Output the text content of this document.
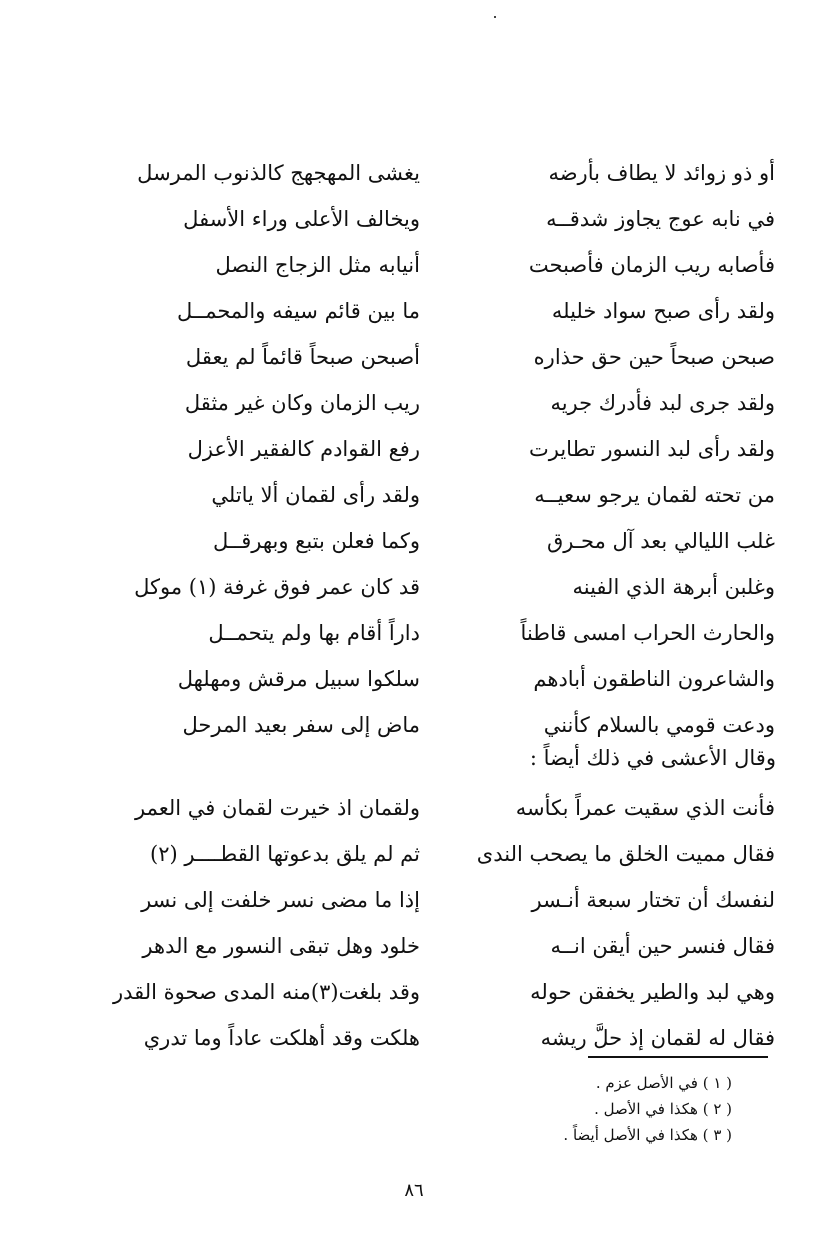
أو ذو زوائد لا يطاف بأرضه
يغشى المهجهج كالذنوب المرسل
في نابه عوج يجاوز شدقــه
ويخالف الأعلى وراء الأسفل
فأصابه ريب الزمان فأصبحت
أنيابه مثل الزجاج النصل
ولقد رأى صبح سواد خليله
ما بين قائم سيفه والمحمــل
صبحن صبحاً حين حق حذاره
أصبحن صبحاً قائماً لم يعقل
ولقد جرى لبد فأدرك جريه
ريب الزمان وكان غير مثقل
ولقد رأى لبد النسور تطايرت
رفع القوادم كالفقير الأعزل
من تحته لقمان يرجو سعيــه
ولقد رأى لقمان ألا ياتلي
غلب الليالي بعد آل محـرق
وكما فعلن بتبع وبهرقــل
وغلبن أبرهة الذي الفينه
قد كان عمر فوق غرفة (١) موكل
والحارث الحراب امسى قاطناً
داراً أقام بها ولم يتحمــل
والشاعرون الناطقون أبادهم
سلكوا سبيل مرقش ومهلهل
ودعت قومي بالسلام كأنني
ماض إلى سفر بعيد المرحل
وقال الأعشى في ذلك أيضاً :
فأنت الذي سقيت عمراً بكأسه
ولقمان اذ خيرت لقمان في العمر
فقال مميت الخلق ما يصحب الندى
ثم لم يلق بدعوتها القطــــر (٢)
لنفسك أن تختار سبعة أنـسر
إذا ما مضى نسر خلفت إلى نسر
فقال فنسر حين أيقن انــه
خلود وهل تبقى النسور مع الدهر
وهي لبد والطير يخفقن حوله
وقد بلغت(٣)منه المدى صحوة القدر
فقال له لقمان إذ حلَّ ريشه
هلكت وقد أهلكت عاداً وما تدري
( ١ ) في الأصل عزم .
( ٢ ) هكذا في الأصل .
( ٣ ) هكذا في الأصل أيضاً .
٨٦
